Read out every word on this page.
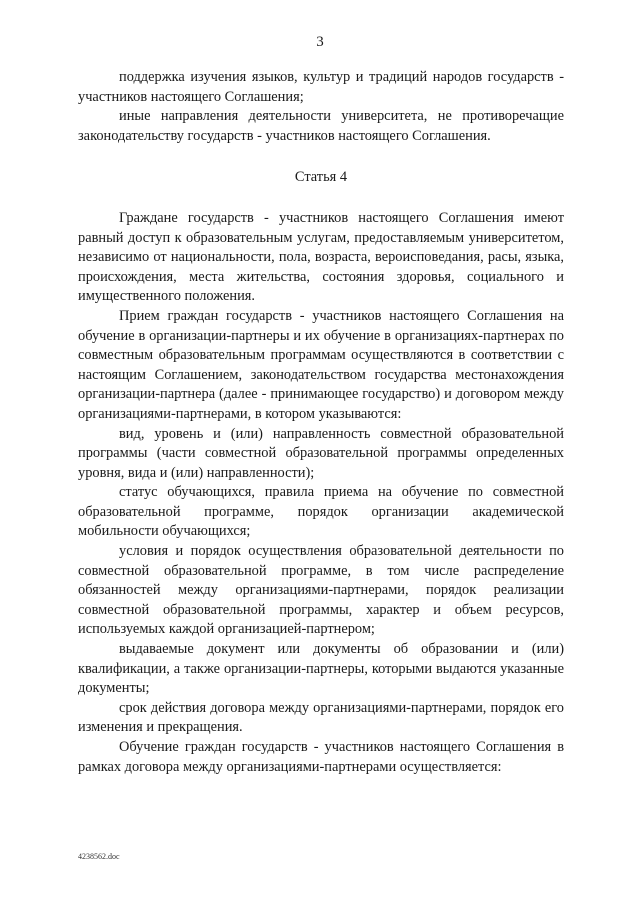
3

поддержка изучения языков, культур и традиций народов государств - участников настоящего Соглашения;

иные направления деятельности университета, не противоречащие законодательству государств - участников настоящего Соглашения.

Статья 4

Граждане государств - участников настоящего Соглашения имеют равный доступ к образовательным услугам, предоставляемым университетом, независимо от национальности, пола, возраста, вероисповедания, расы, языка, происхождения, места жительства, состояния здоровья, социального и имущественного положения.

Прием граждан государств - участников настоящего Соглашения на обучение в организации-партнеры и их обучение в организациях-партнерах по совместным образовательным программам осуществляются в соответствии с настоящим Соглашением, законодательством государства местонахождения организации-партнера (далее - принимающее государство) и договором между организациями-партнерами, в котором указываются:

вид, уровень и (или) направленность совместной образовательной программы (части совместной образовательной программы определенных уровня, вида и (или) направленности);

статус обучающихся, правила приема на обучение по совместной образовательной программе, порядок организации академической мобильности обучающихся;

условия и порядок осуществления образовательной деятельности по совместной образовательной программе, в том числе распределение обязанностей между организациями-партнерами, порядок реализации совместной образовательной программы, характер и объем ресурсов, используемых каждой организацией-партнером;

выдаваемые документ или документы об образовании и (или) квалификации, а также организации-партнеры, которыми выдаются указанные документы;

срок действия договора между организациями-партнерами, порядок его изменения и прекращения.

Обучение граждан государств - участников настоящего Соглашения в рамках договора между организациями-партнерами осуществляется:

4238562.doc
